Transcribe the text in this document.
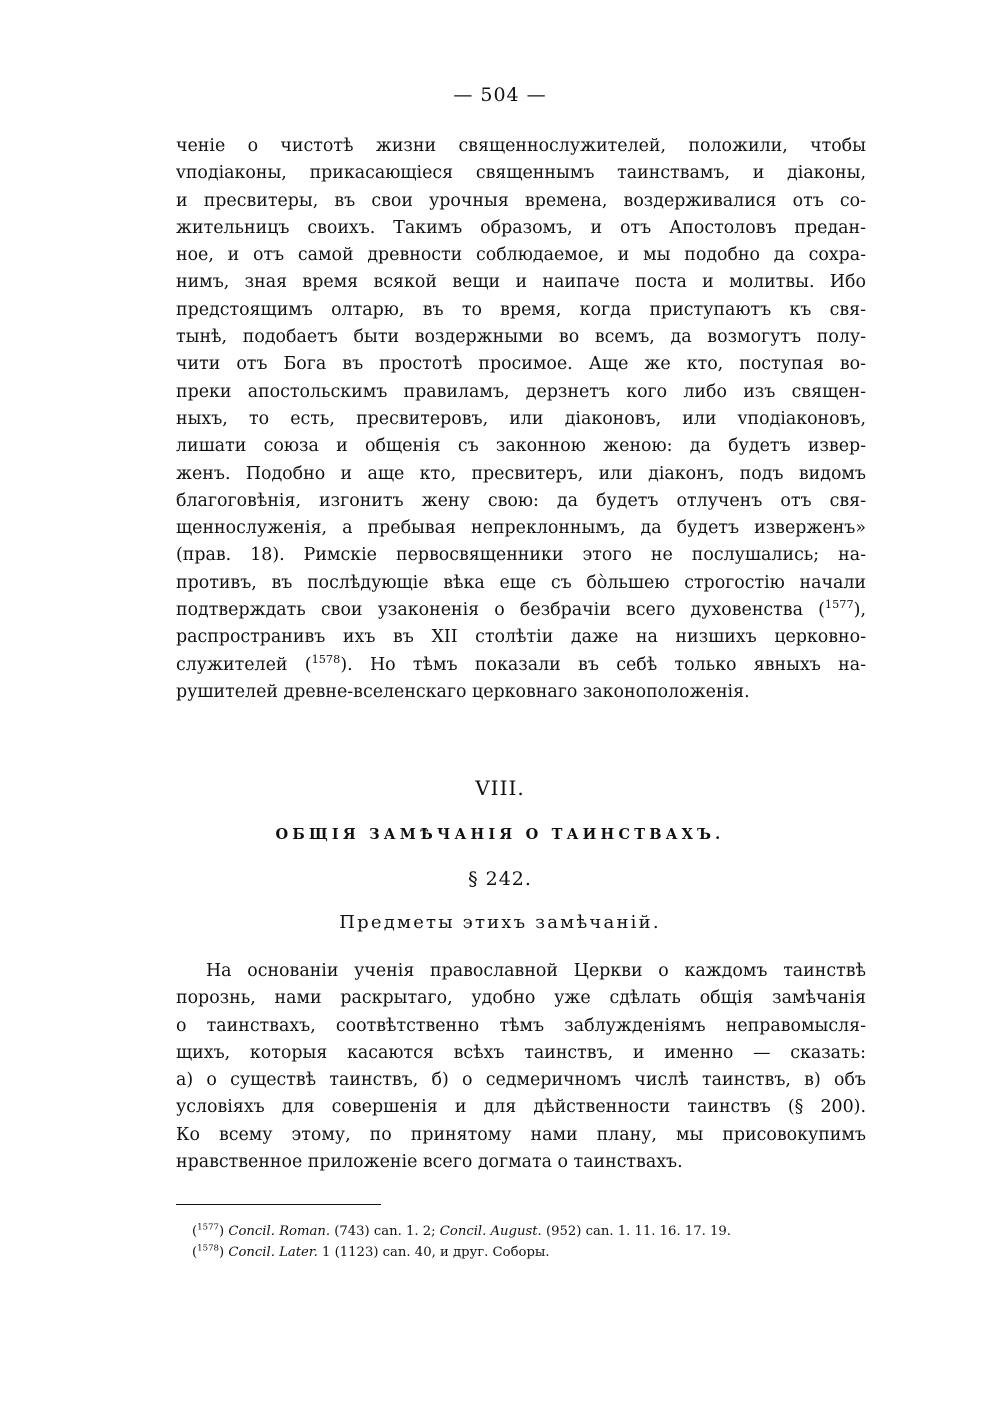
— 504 —
ченіе о чистотѣ жизни священнослужителей, положили, чтобы
vподіаконы, прикасающіеся священнымъ таинствамъ, и діаконы,
и пресвитеры, въ свои урочныя времена, воздерживалися отъ со-
жительницъ своихъ. Такимъ образомъ, и отъ Апостоловъ предан-
ное, и отъ самой древности соблюдаемое, и мы подобно да сохра-
нимъ, зная время всякой вещи и наипаче поста и молитвы. Ибо
предстоящимъ олтарю, въ то время, когда приступаютъ къ свя-
тынѣ, подобаетъ быти воздержными во всемъ, да возмогутъ полу-
чити отъ Бога въ простотѣ просимое. Аще же кто, поступая во-
преки апостольскимъ правиламъ, дерзнетъ кого либо изъ священ-
ныхъ, то есть, пресвитеровъ, или діаконовъ, или vподіаконовъ,
лишати союза и общенія съ законною женою: да будетъ извер-
женъ. Подобно и аще кто, пресвитеръ, или діаконъ, подъ видомъ
благоговѣнія, изгонитъ жену свою: да будетъ отлученъ отъ свя-
щеннослуженія, а пребывая непреклоннымъ, да будетъ изверженъ»
(прав. 18). Римскіе первосвященники этого не послушались; на-
противъ, въ послѣдующіе вѣка еще съ бо̀льшею строгостію начали
подтверждать свои узаконенія о безбрачіи всего духовенства ($^{1577}$),
распространивъ ихъ въ XII столѣтіи даже на низшихъ церковно-
служителей ($^{1578}$). Но тѣмъ показали въ себѣ только явныхъ на-
рушителей древне-вселенскаго церковнаго законоположенія.
VIII.
ОБЩІЯ ЗАМѢЧАНІЯ О ТАИНСТВАХЪ.
§ 242.
Предметы этихъ замѣчаній.
На основаніи ученія православной Церкви о каждомъ таинствѣ
порознь, нами раскрытаго, удобно уже сдѣлать общія замѣчанія
о таинствахъ, соотвѣтственно тѣмъ заблужденіямъ неправомысля-
щихъ, которыя касаются всѣхъ таинствъ, и именно — сказать:
а) о существѣ таинствъ, б) о седмеричномъ числѣ таинствъ, в) объ
условіяхъ для совершенія и для дѣйственности таинствъ (§ 200).
Ко всему этому, по принятому нами плану, мы присовокупимъ
нравственное приложеніе всего догмата о таинствахъ.
($^{1577}$) Concil. Roman. (743) can. 1. 2; Concil. August. (952) can. 1. 11. 16. 17. 19.
($^{1578}$) Concil. Later. 1 (1123) can. 40, и друг. Соборы.
